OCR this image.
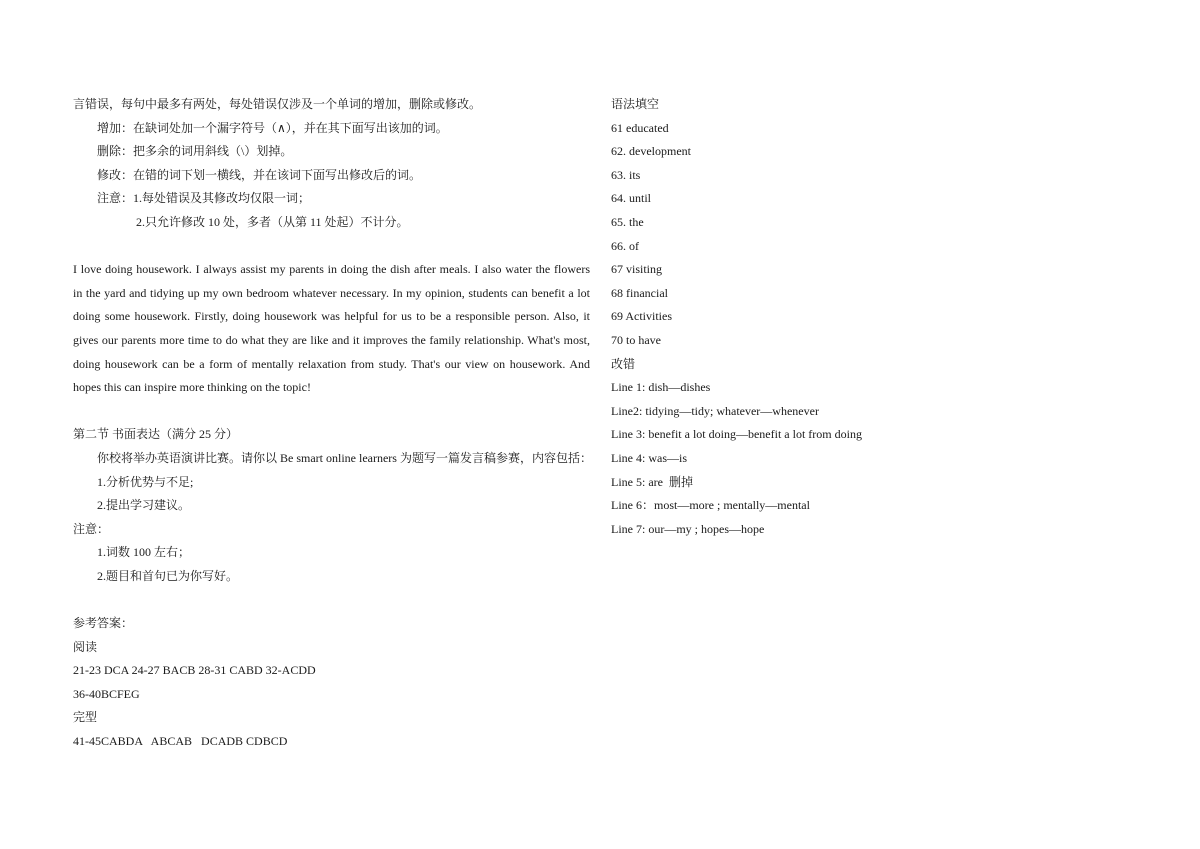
言错误，每句中最多有两处，每处错误仅涉及一个单词的增加，删除或修改。
增加：在缺词处加一个漏字符号（∧），并在其下面写出该加的词。
删除：把多余的词用斜线（\）划掉。
修改：在错的词下划一横线，并在该词下面写出修改后的词。
注意：1.每处错误及其修改均仅限一词；
2.只允许修改 10 处，多者（从第 11 处起）不计分。
I love doing housework. I always assist my parents in doing the dish after meals. I also water the flowers
in the yard and tidying up my own bedroom whatever necessary. In my opinion, students can benefit a lot
doing some housework. Firstly, doing housework was helpful for us to be a responsible person. Also, it
gives our parents more time to do what they are like and it improves the family relationship. What's most,
doing housework can be a form of mentally relaxation from study. That's our view on housework. And
hopes this can inspire more thinking on the topic!
第二节 书面表达（满分 25 分）
你校将举办英语演讲比赛。请你以 Be smart online learners 为题写一篇发言稿参赛，内容包括：
1.分析优势与不足;
2.提出学习建议。
注意：
1.词数 100 左右；
2.题目和首句已为你写好。
参考答案：
阅读
21-23 DCA 24-27 BACB 28-31 CABD 32-ACDD
36-40BCFEG
完型
41-45CABDA   ABCAB   DCADB CDBCD
语法填空
61 educated
62. development
63. its
64. until
65. the
66. of
67 visiting
68 financial
69 Activities
70 to have
改错
Line 1: dish—dishes
Line2: tidying—tidy; whatever—whenever
Line 3: benefit a lot doing—benefit a lot from doing
Line 4: was—is
Line 5: are  删掉
Line 6：most—more ; mentally—mental
Line 7: our—my ; hopes—hope
